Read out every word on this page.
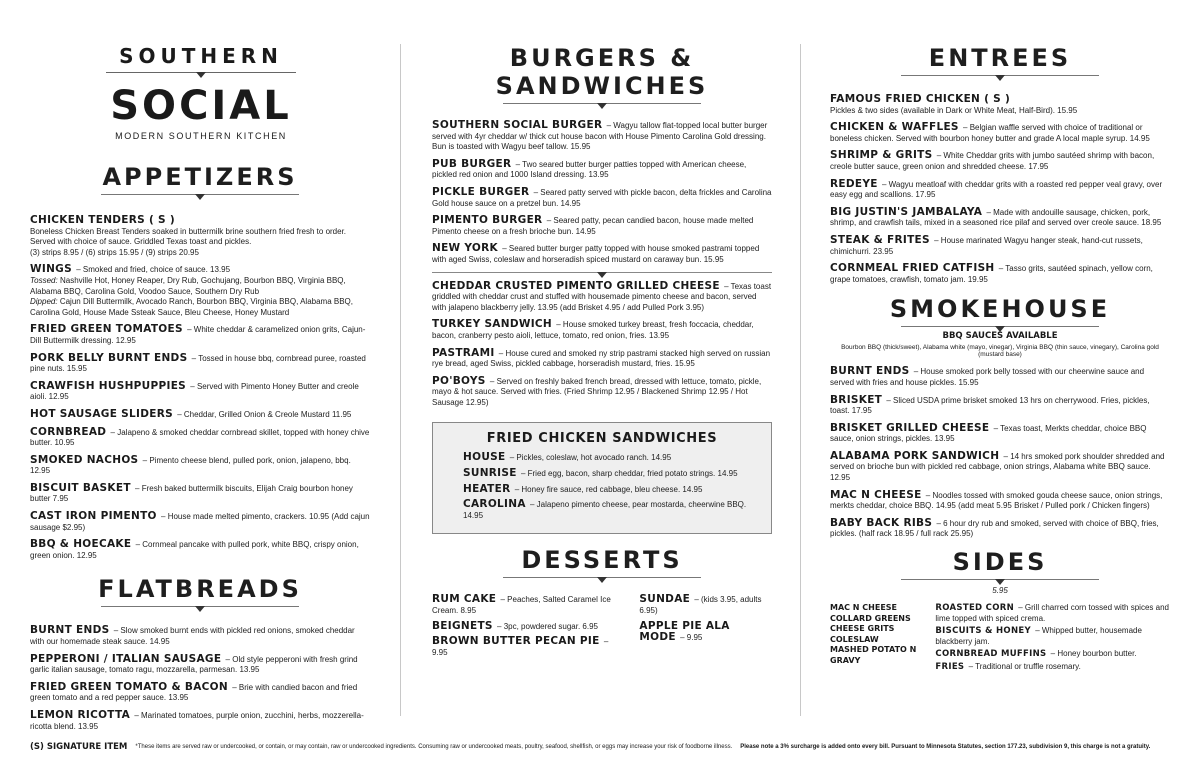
SOUTHERN
SOCIAL
MODERN SOUTHERN KITCHEN
APPETIZERS
CHICKEN TENDERS ( S )
Boneless Chicken Breast Tenders soaked in buttermilk brine southern fried fresh to order. Served with choice of sauce. Griddled Texas toast and pickles.
(3) strips 8.95 / (6) strips 15.95 / (9) strips 20.95
WINGS – Smoked and fried, choice of sauce. 13.95
Tossed: Nashville Hot, Honey Reaper, Dry Rub, Gochujang, Bourbon BBQ, Virginia BBQ, Alabama BBQ, Carolina Gold, Voodoo Sauce, Southern Dry Rub
Dipped: Cajun Dill Buttermilk, Avocado Ranch, Bourbon BBQ, Virginia BBQ, Alabama BBQ, Carolina Gold, House Made Ssteak Sauce, Bleu Cheese, Honey Mustard
FRIED GREEN TOMATOES – White cheddar & caramelized onion grits, Cajun-Dill Buttermilk dressing. 12.95
PORK BELLY BURNT ENDS – Tossed in house bbq, cornbread puree, roasted pine nuts. 15.95
CRAWFISH HUSHPUPPIES – Served with Pimento Honey Butter and creole aioli. 12.95
HOT SAUSAGE SLIDERS – Cheddar, Grilled Onion & Creole Mustard 11.95
CORNBREAD – Jalapeno & smoked cheddar cornbread skillet, topped with honey chive butter. 10.95
SMOKED NACHOS – Pimento cheese blend, pulled pork, onion, jalapeno, bbq. 12.95
BISCUIT BASKET – Fresh baked buttermilk biscuits, Elijah Craig bourbon honey butter 7.95
CAST IRON PIMENTO – House made melted pimento, crackers. 10.95 (Add cajun sausage $2.95)
BBQ & HOECAKE – Cornmeal pancake with pulled pork, white BBQ, crispy onion, green onion. 12.95
FLATBREADS
BURNT ENDS – Slow smoked burnt ends with pickled red onions, smoked cheddar with our homemade steak sauce. 14.95
PEPPERONI / ITALIAN SAUSAGE – Old style pepperoni with fresh grind garlic italian sausage, tomato ragu, mozzarella, parmesan. 13.95
FRIED GREEN TOMATO & BACON – Brie with candied bacon and fried green tomato and a red pepper sauce. 13.95
LEMON RICOTTA – Marinated tomatoes, purple onion, zucchini, herbs, mozzerella-ricotta blend. 13.95
BURGERS &
SANDWICHES
SOUTHERN SOCIAL BURGER – Wagyu tallow flat-topped local butter burger served with 4yr cheddar w/ thick cut house bacon with House Pimento Carolina Gold dressing. Bun is toasted with Wagyu beef tallow. 15.95
PUB BURGER – Two seared butter burger patties topped with American cheese, pickled red onion and 1000 Island dressing. 13.95
PICKLE BURGER – Seared patty served with pickle bacon, delta frickles and Carolina Gold house sauce on a pretzel bun. 14.95
PIMENTO BURGER – Seared patty, pecan candied bacon, house made melted Pimento cheese on a fresh brioche bun. 14.95
NEW YORK – Seared butter burger patty topped with house smoked pastrami topped with aged Swiss, coleslaw and horseradish spiced mustard on caraway bun. 15.95
CHEDDAR CRUSTED PIMENTO GRILLED CHEESE – Texas toast griddled with cheddar crust and stuffed with housemade pimento cheese and bacon, served with jalapeno blackberry jelly. 13.95 (add Brisket 4.95 / add Pulled Pork 3.95)
TURKEY SANDWICH – House smoked turkey breast, fresh foccacia, cheddar, bacon, cranberry pesto aioli, lettuce, tomato, red onion, fries. 13.95
PASTRAMI – House cured and smoked ny strip pastrami stacked high served on russian rye bread, aged Swiss, pickled cabbage, horseradish mustard, fries. 15.95
PO'BOYS – Served on freshly baked french bread, dressed with lettuce, tomato, pickle, mayo & hot sauce. Served with fries. (Fried Shrimp 12.95 / Blackened Shrimp 12.95 / Hot Sausage 12.95)
FRIED CHICKEN SANDWICHES
HOUSE – Pickles, coleslaw, hot avocado ranch. 14.95
SUNRISE – Fried egg, bacon, sharp cheddar, fried potato strings. 14.95
HEATER – Honey fire sauce, red cabbage, bleu cheese. 14.95
CAROLINA – Jalapeno pimento cheese, pear mostarda, cheerwine BBQ. 14.95
DESSERTS
RUM CAKE – Peaches, Salted Caramel Ice Cream. 8.95
BEIGNETS – 3pc, powdered sugar. 6.95
BROWN BUTTER PECAN PIE – 9.95
SUNDAE – (kids 3.95, adults 6.95)
APPLE PIE ALA MODE – 9.95
ENTREES
FAMOUS FRIED CHICKEN ( S )
Pickles & two sides (available in Dark or White Meat, Half-Bird). 15.95
CHICKEN & WAFFLES – Belgian waffle served with choice of traditional or boneless chicken. Served with bourbon honey butter and grade A local maple syrup. 14.95
SHRIMP & GRITS – White Cheddar grits with jumbo sautéed shrimp with bacon, creole butter sauce, green onion and shredded cheese. 17.95
REDEYE – Wagyu meatloaf with cheddar grits with a roasted red pepper veal gravy, over easy egg and scallions. 17.95
BIG JUSTIN'S JAMBALAYA – Made with andouille sausage, chicken, pork, shrimp, and crawfish tails, mixed in a seasoned rice pilaf and served over creole sauce. 18.95
STEAK & FRITES – House marinated Wagyu hanger steak, hand-cut russets, chimichurri. 23.95
CORNMEAL FRIED CATFISH – Tasso grits, sautéed spinach, yellow corn, grape tomatoes, crawfish, tomato jam. 19.95
SMOKEHOUSE
BBQ SAUCES AVAILABLE
Bourbon BBQ (thick/sweet), Alabama white (mayo, vinegar), Virginia BBQ (thin sauce, vinegary), Carolina gold (mustard base)
BURNT ENDS – House smoked pork belly tossed with our cheerwine sauce and served with fries and house pickles. 15.95
BRISKET – Sliced USDA prime brisket smoked 13 hrs on cherrywood. Fries, pickles, toast. 17.95
BRISKET GRILLED CHEESE – Texas toast, Merkts cheddar, choice BBQ sauce, onion strings, pickles. 13.95
ALABAMA PORK SANDWICH – 14 hrs smoked pork shoulder shredded and served on brioche bun with pickled red cabbage, onion strings, Alabama white BBQ sauce. 12.95
MAC N CHEESE – Noodles tossed with smoked gouda cheese sauce, onion strings, merkts cheddar, choice BBQ. 14.95 (add meat 5.95 Brisket / Pulled pork / Chicken fingers)
BABY BACK RIBS – 6 hour dry rub and smoked, served with choice of BBQ, fries, pickles. (half rack 18.95 / full rack 25.95)
SIDES
5.95
MAC N CHEESE
COLLARD GREENS
CHEESE GRITS
COLESLAW
MASHED POTATO N GRAVY
ROASTED CORN – Grill charred corn tossed with spices and lime topped with spiced crema.
BISCUITS & HONEY – Whipped butter, housemade blackberry jam.
CORNBREAD MUFFINS – Honey bourbon butter.
FRIES – Traditional or truffle rosemary.
(S) SIGNATURE ITEM *These items are served raw or undercooked, or contain, or may contain, raw or undercooked ingredients. Consuming raw or undercooked meats, poultry, seafood, shellfish, or eggs may increase your risk of foodborne illness. Please note a 3% surcharge is added onto every bill. Pursuant to Minnesota Statutes, section 177.23, subdivision 9, this charge is not a gratuity.
